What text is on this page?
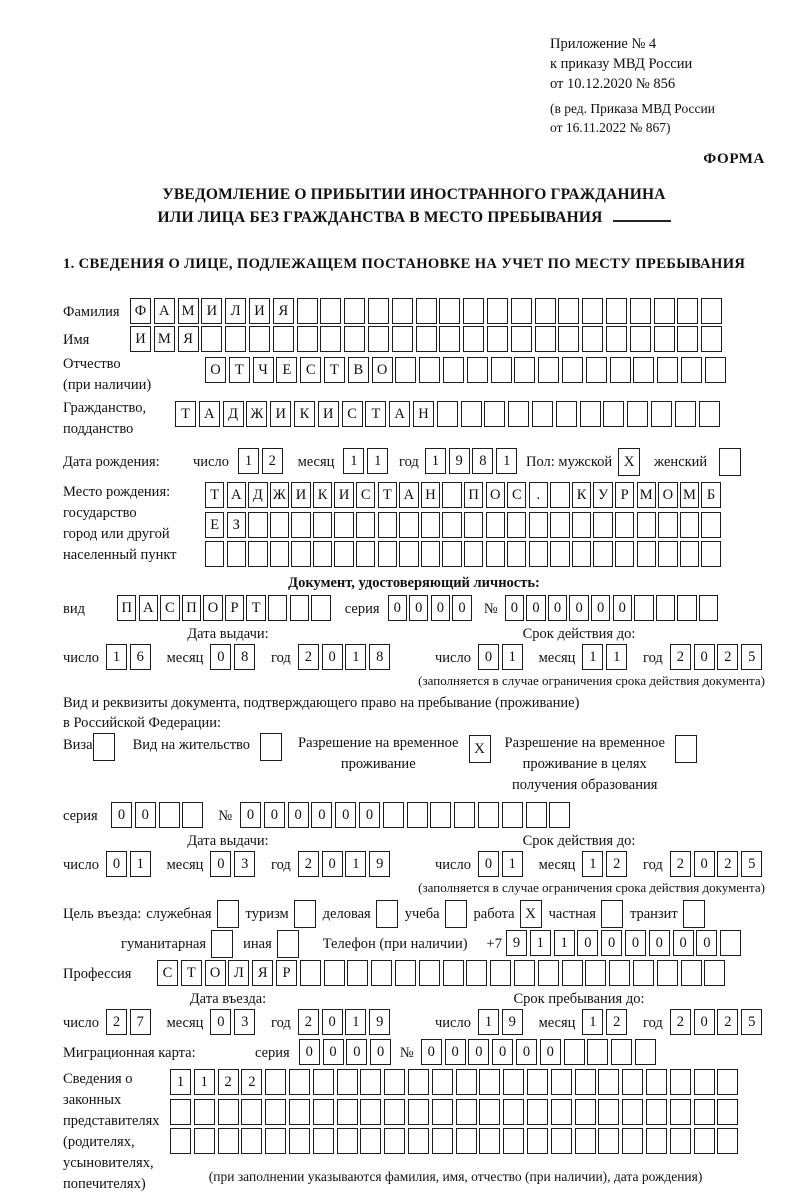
Приложение № 4
к приказу МВД России
от 10.12.2020 № 856
(в ред. Приказа МВД России
от 16.11.2022 № 867)
ФОРМА
УВЕДОМЛЕНИЕ О ПРИБЫТИИ ИНОСТРАННОГО ГРАЖДАНИНА
ИЛИ ЛИЦА БЕЗ ГРАЖДАНСТВА В МЕСТО ПРЕБЫВАНИЯ
1. СВЕДЕНИЯ О ЛИЦЕ, ПОДЛЕЖАЩЕМ ПОСТАНОВКЕ НА УЧЕТ ПО МЕСТУ ПРЕБЫВАНИЯ
Фамилия	Ф А М И Л И Я
Имя	И М Я
Отчество
(при наличии)
О Т	Ч	Е	С	Т	В О
Гражданство,
подданство
Т А Д Ж И К И С	Т А Н
Дата рождения:	число	1	2	месяц	1	1	год 1	9	8	1	Пол: мужской X	женский
Место рождения:
государство
город или другой
населенный пункт
Т А Д Ж И К И С Т А Н	П О С	.	К У Р М О М Б
Е З
Документ, удостоверяющий личность:
вид	П А С П О Р Т	серия 0 0 0 0	№ 0 0 0 0 0 0
Дата выдачи:	Срок действия до:
число 1	6	месяц 0	8	год 2	0	1	8	число 0	1	месяц 1	1	год 2	0	2	5
(заполняется в случае ограничения срока действия документа)
Вид и реквизиты документа, подтверждающего право на пребывание (проживание)
в Российской Федерации:
Виза	Вид на жительство	Разрешение на временное
проживание
X	Разрешение на временное
проживание в целях
получения образования
серия	0	0	№	0	0	0	0	0	0
Дата выдачи:	Срок действия до:
число 0	1	месяц 0	3	год 2	0	1	9	число 0	1	месяц 1	2	год 2	0	2	5
(заполняется в случае ограничения срока действия документа)
Цель въезда: служебная туризм деловая учеба работа X частная транзит
гуманитарная	иная	Телефон (при наличии) +7 9	1	1	0	0	0	0	0	0
Профессия	С	Т О Л Я	Р
Дата въезда:	Срок пребывания до:
число 2	7	месяц 0	3	год 2	0	1	9	число 1	9	месяц 1	2	год 2	0	2	5
Миграционная карта:	серия	0	0	0	0	№ 0	0	0	0	0	0
Сведения о
законных
представителях
(родителях,
усыновителях,
попечителях)
1	1	2	2
(при заполнении указываются фамилия, имя, отчество (при наличии), дата рождения)
